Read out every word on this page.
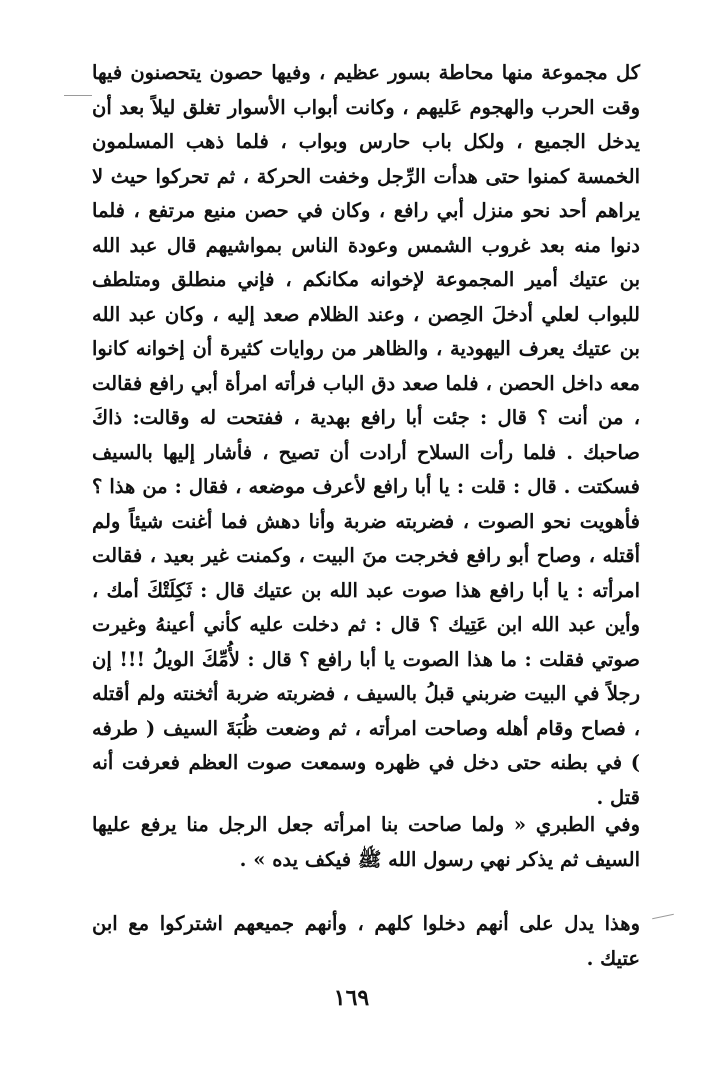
كل مجموعة منها محاطة بسور عظيم ، وفيها حصون يتحصنون فيها وقت الحرب والهجوم عَليهم ، وكانت أبواب الأسوار تغلق ليلاً بعد أن يدخل الجميع ، ولكل باب حارس وبواب ، فلما ذهب المسلمون الخمسة كمنوا حتى هدأت الرِّجل وخفت الحركة ، ثم تحركوا حيث لا يراهم أحد نحو منزل أبي رافع ، وكان في حصن منيع مرتفع ، فلما دنوا منه بعد غروب الشمس وعودة الناس بمواشيهم قال عبد الله بن عتيك أمير المجموعة لإخوانه مكانكم ، فإني منطلق ومتلطف للبواب لعلي أدخلَ الحِصن ، وعند الظلام صعد إليه ، وكان عبد الله بن عتيك يعرف اليهودية ، والظاهر من روايات كثيرة أن إخوانه كانوا معه داخل الحصن ، فلما صعد دق الباب فرأته امرأة أبي رافع فقالت ، من أنت ؟ قال : جئت أبا رافع بهدية ، ففتحت له وقالت: ذاكَ صاحبك . فلما رأت السلاح أرادت أن تصيح ، فأشار إليها بالسيف فسكتت . قال : قلت : يا أبا رافع لأعرف موضعه ، فقال : من هذا ؟ فأهويت نحو الصوت ، فضربته ضربة وأنا دهش فما أغنت شيئاً ولم أقتله ، وصاح أبو رافع فخرجت منَ البيت ، وكمنت غير بعيد ، فقالت امرأته : يا أبا رافع هذا صوت عبد الله بن عتيك قال : ثَكِلَتْكَ أمك ، وأين عبد الله ابن عَتِيك ؟ قال : ثم دخلت عليه كأني أعينهُ وغيرت صوتي فقلت : ما هذا الصوت يا أبا رافع ؟ قال : لأُمِّكَ الويلُ !!! إن رجلاً في البيت ضربني قبلُ بالسيف ، فضربته ضربة أثخنته ولم أقتله ، فصاح وقام أهله وصاحت امرأته ، ثم وضعت ظُبَةَ السيف ( طرفه ) في بطنه حتى دخل في ظهره وسمعت صوت العظم فعرفت أنه قتل .

وفي الطبري « ولما صاحت بنا امرأته جعل الرجل منا يرفع عليها السيف ثم يذكر نهي رسول الله ﷺ فيكف يده » .

وهذا يدل على أنهم دخلوا كلهم ، وأنهم جميعهم اشتركوا مع ابن عتيك .

١٦٩
